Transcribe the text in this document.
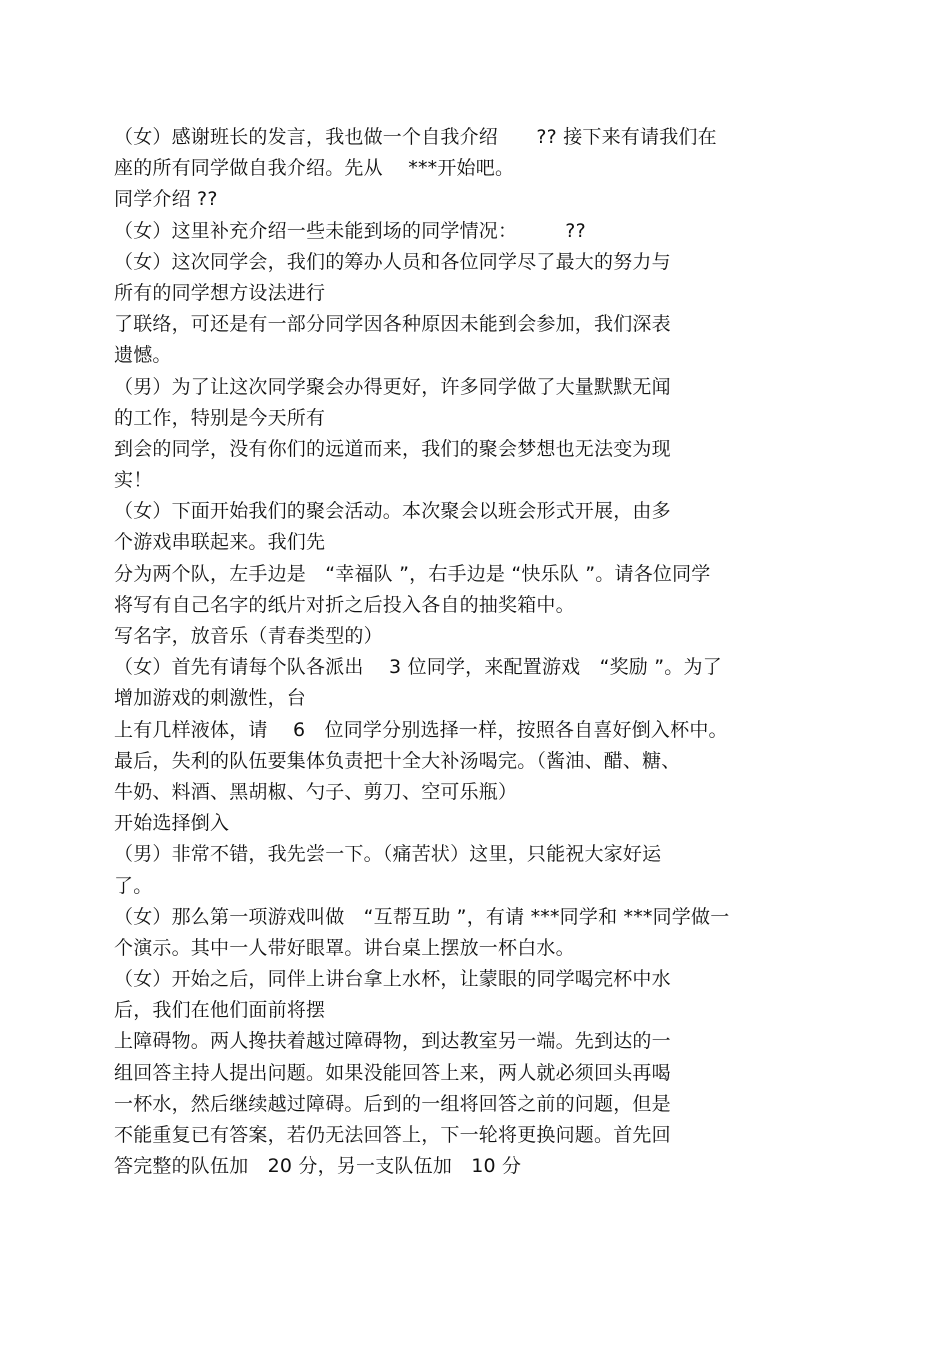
（女）感谢班长的发言，我也做一个自我介绍　　?? 接下来有请我们在
座的所有同学做自我介绍。先从　 ***开始吧。
同学介绍 ??
（女）这里补充介绍一些未能到场的同学情况：　　　??
（女）这次同学会，我们的筹办人员和各位同学尽了最大的努力与
所有的同学想方设法进行
了联络，可还是有一部分同学因各种原因未能到会参加，我们深表
遗憾。
（男）为了让这次同学聚会办得更好，许多同学做了大量默默无闻
的工作，特别是今天所有
到会的同学，没有你们的远道而来，我们的聚会梦想也无法变为现
实！
（女）下面开始我们的聚会活动。本次聚会以班会形式开展，由多
个游戏串联起来。我们先
分为两个队，左手边是　“幸福队 ”，右手边是 “快乐队 ”。请各位同学
将写有自己名字的纸片对折之后投入各自的抽奖箱中。
写名字，放音乐（青春类型的）
（女）首先有请每个队各派出　 3 位同学，来配置游戏　“奖励 ”。为了
增加游戏的刺激性，台
上有几样液体，请　 6　位同学分别选择一样，按照各自喜好倒入杯中。
最后，失利的队伍要集体负责把十全大补汤喝完。（酱油、醋、糖、
牛奶、料酒、黑胡椒、勺子、剪刀、空可乐瓶）
开始选择倒入
（男）非常不错，我先尝一下。（痛苦状）这里，只能祝大家好运
了。
（女）那么第一项游戏叫做　“互帮互助 ”，有请 ***同学和 ***同学做一
个演示。其中一人带好眼罩。讲台桌上摆放一杯白水。
（女）开始之后，同伴上讲台拿上水杯，让蒙眼的同学喝完杯中水
后，我们在他们面前将摆
上障碍物。两人搀扶着越过障碍物，到达教室另一端。先到达的一
组回答主持人提出问题。如果没能回答上来，两人就必须回头再喝
一杯水，然后继续越过障碍。后到的一组将回答之前的问题，但是
不能重复已有答案，若仍无法回答上，下一轮将更换问题。首先回
答完整的队伍加　20 分，另一支队伍加　10 分
